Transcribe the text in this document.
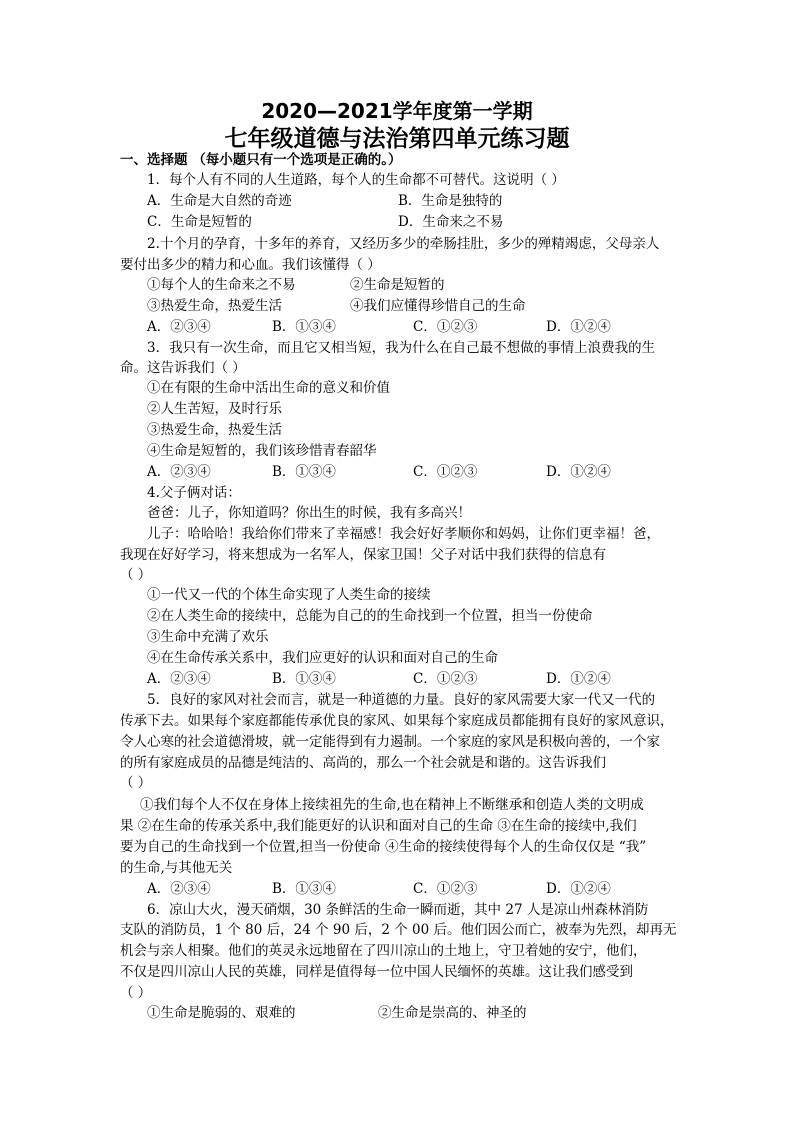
2020—2021学年度第一学期
七年级道德与法治第四单元练习题
一、选择题 （每小题只有一个选项是正确的。）
1．每个人有不同的人生道路，每个人的生命都不可替代。这说明（ ）
A．生命是大自然的奇迹	B．生命是独特的
C．生命是短暂的	D．生命来之不易
2.十个月的孕育，十多年的养育，又经历多少的牵肠挂肚，多少的殚精竭虑，父母亲人
要付出多少的精力和心血。我们该懂得（ ）
①每个人的生命来之不易	②生命是短暂的
③热爱生命，热爱生活	④我们应懂得珍惜自己的生命
A．②③④	B．①③④	C．①②③	D．①②④
3．我只有一次生命，而且它又相当短，我为什么在自己最不想做的事情上浪费我的生
命。这告诉我们（ ）
①在有限的生命中活出生命的意义和价值
②人生苦短，及时行乐
③热爱生命，热爱生活
④生命是短暂的，我们该珍惜青春韶华
A．②③④	B．①③④	C．①②③	D．①②④
4.父子俩对话：
爸爸：儿子，你知道吗？你出生的时候，我有多高兴！
儿子：哈哈哈！我给你们带来了幸福感！我会好好孝顺你和妈妈，让你们更幸福！爸，
我现在好好学习，将来想成为一名军人，保家卫国！父子对话中我们获得的信息有
（ ）
①一代又一代的个体生命实现了人类生命的接续
②在人类生命的接续中，总能为自己的的生命找到一个位置，担当一份使命
③生命中充满了欢乐
④在生命传承关系中，我们应更好的认识和面对自己的生命
A．②③④	B．①③④	C．①②③	D．①②④
5．良好的家风对社会而言，就是一种道德的力量。良好的家风需要大家一代又一代的
传承下去。如果每个家庭都能传承优良的家风、如果每个家庭成员都能拥有良好的家风意识，
令人心寒的社会道德滑坡，就一定能得到有力遏制。一个家庭的家风是积极向善的，一个家
的所有家庭成员的品德是纯洁的、高尚的，那么一个社会就是和谐的。这告诉我们
（ ）
①我们每个人不仅在身体上接续祖先的生命,也在精神上不断继承和创造人类的文明成
果 ②在生命的传承关系中,我们能更好的认识和面对自己的生命 ③在生命的接续中,我们
要为自己的生命找到一个位置,担当一份使命 ④生命的接续使得每个人的生命仅仅是 “我”
的生命,与其他无关
A．②③④	B．①③④	C．①②③	D．①②④
6．凉山大火，漫天硝烟，30 条鲜活的生命一瞬而逝，其中 27 人是凉山州森林消防
支队的消防员，1 个 80 后，24 个 90 后，2 个 00 后。他们因公而亡，被奉为先烈，却再无
机会与亲人相聚。他们的英灵永远地留在了四川凉山的土地上，守卫着她的安宁，他们，
不仅是四川凉山人民的英雄，同样是值得每一位中国人民缅怀的英雄。这让我们感受到
（ ）
①生命是脆弱的、艰难的	②生命是崇高的、神圣的
